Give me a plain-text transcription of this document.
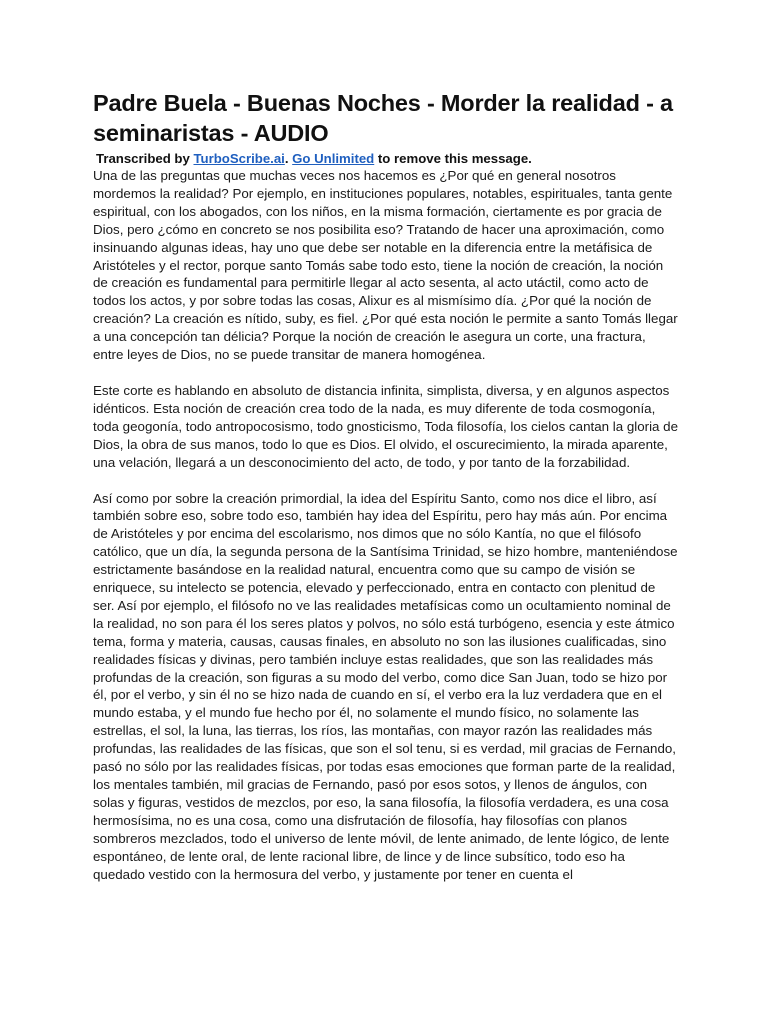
Padre Buela - Buenas Noches - Morder la realidad - a seminaristas - AUDIO
Transcribed by TurboScribe.ai. Go Unlimited to remove this message.

Una de las preguntas que muchas veces nos hacemos es ¿Por qué en general nosotros mordemos la realidad? Por ejemplo, en instituciones populares, notables, espirituales, tanta gente espiritual, con los abogados, con los niños, en la misma formación, ciertamente es por gracia de Dios, pero ¿cómo en concreto se nos posibilita eso? Tratando de hacer una aproximación, como insinuando algunas ideas, hay uno que debe ser notable en la diferencia entre la metáfisica de Aristóteles y el rector, porque santo Tomás sabe todo esto, tiene la noción de creación, la noción de creación es fundamental para permitirle llegar al acto sesenta, al acto utáctil, como acto de todos los actos, y por sobre todas las cosas, Alixur es al mismísimo día. ¿Por qué la noción de creación? La creación es nítido, suby, es fiel. ¿Por qué esta noción le permite a santo Tomás llegar a una concepción tan délicia? Porque la noción de creación le asegura un corte, una fractura, entre leyes de Dios, no se puede transitar de manera homogénea.

Este corte es hablando en absoluto de distancia infinita, simplista, diversa, y en algunos aspectos idénticos. Esta noción de creación crea todo de la nada, es muy diferente de toda cosmogonía, toda geogonía, todo antropocosismo, todo gnosticismo, Toda filosofía, los cielos cantan la gloria de Dios, la obra de sus manos, todo lo que es Dios. El olvido, el oscurecimiento, la mirada aparente, una velación, llegará a un desconocimiento del acto, de todo, y por tanto de la forzabilidad.

Así como por sobre la creación primordial, la idea del Espíritu Santo, como nos dice el libro, así también sobre eso, sobre todo eso, también hay idea del Espíritu, pero hay más aún. Por encima de Aristóteles y por encima del escolarismo, nos dimos que no sólo Kantía, no que el filósofo católico, que un día, la segunda persona de la Santísima Trinidad, se hizo hombre, manteniéndose estrictamente basándose en la realidad natural, encuentra como que su campo de visión se enriquece, su intelecto se potencia, elevado y perfeccionado, entra en contacto con plenitud de ser. Así por ejemplo, el filósofo no ve las realidades metafísicas como un ocultamiento nominal de la realidad, no son para él los seres platos y polvos, no sólo está turbógeno, esencia y este átmico tema, forma y materia, causas, causas finales, en absoluto no son las ilusiones cualificadas, sino realidades físicas y divinas, pero también incluye estas realidades, que son las realidades más profundas de la creación, son figuras a su modo del verbo, como dice San Juan, todo se hizo por él, por el verbo, y sin él no se hizo nada de cuando en sí, el verbo era la luz verdadera que en el mundo estaba, y el mundo fue hecho por él, no solamente el mundo físico, no solamente las estrellas, el sol, la luna, las tierras, los ríos, las montañas, con mayor razón las realidades más profundas, las realidades de las físicas, que son el sol tenu, si es verdad, mil gracias de Fernando, pasó no sólo por las realidades físicas, por todas esas emociones que forman parte de la realidad, los mentales también, mil gracias de Fernando, pasó por esos sotos, y llenos de ángulos, con solas y figuras, vestidos de mezclos, por eso, la sana filosofía, la filosofía verdadera, es una cosa hermosísima, no es una cosa, como una disfrutación de filosofía, hay filosofías con planos sombreros mezclados, todo el universo de lente móvil, de lente animado, de lente lógico, de lente espontáneo, de lente oral, de lente racional libre, de lince y de lince subsítico, todo eso ha quedado vestido con la hermosura del verbo, y justamente por tener en cuenta el
